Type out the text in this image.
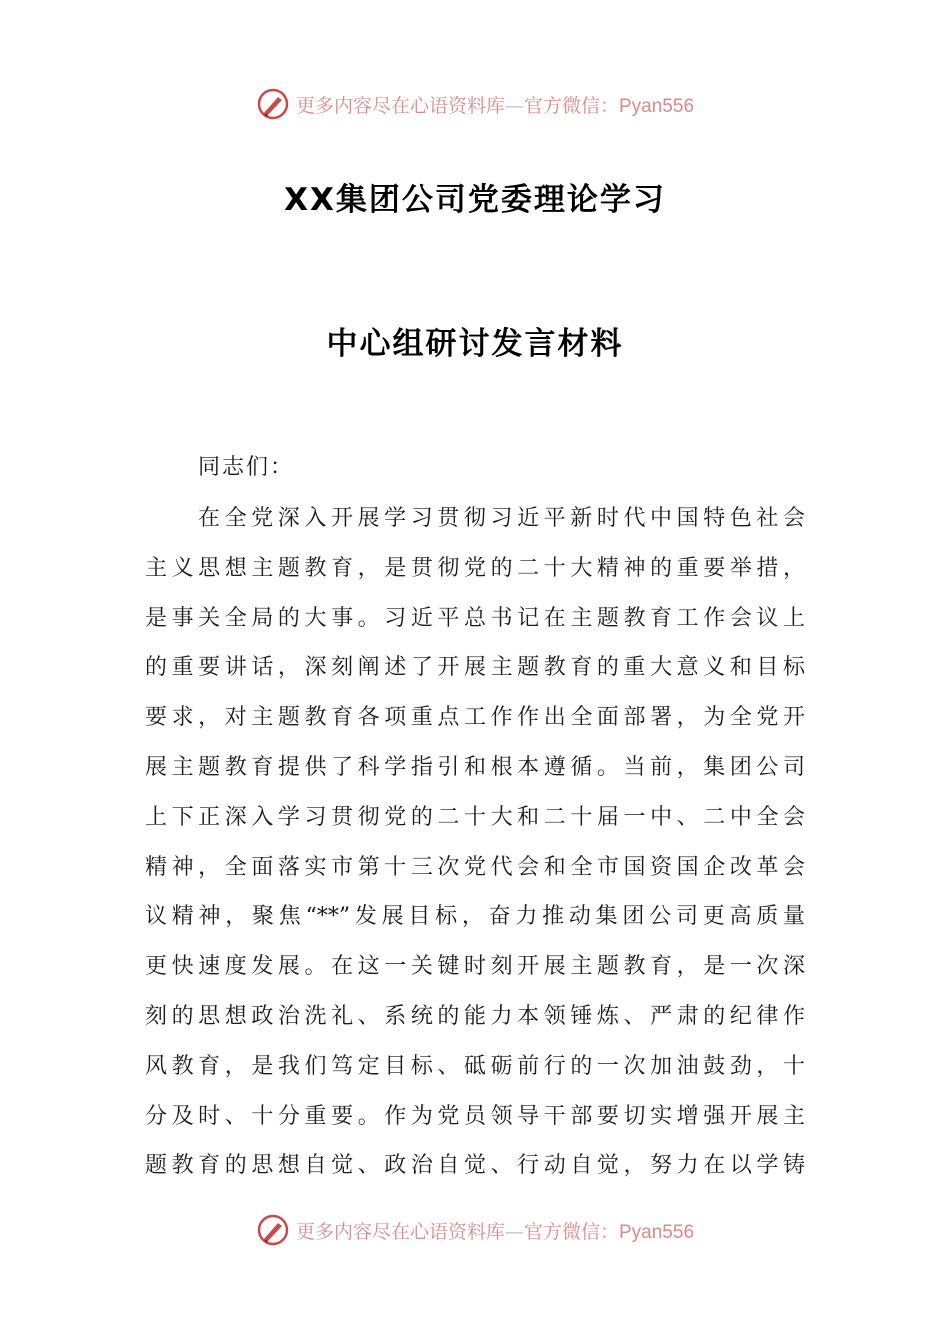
更多内容尽在心语资料库—官方微信：Pyan556
XX集团公司党委理论学习
中心组研讨发言材料
同志们：
在全党深入开展学习贯彻习近平新时代中国特色社会
主义思想主题教育，是贯彻党的二十大精神的重要举措，
是事关全局的大事。习近平总书记在主题教育工作会议上
的重要讲话，深刻阐述了开展主题教育的重大意义和目标
要求，对主题教育各项重点工作作出全面部署，为全党开
展主题教育提供了科学指引和根本遵循。当前，集团公司
上下正深入学习贯彻党的二十大和二十届一中、二中全会
精神，全面落实市第十三次党代会和全市国资国企改革会
议精神，聚焦“**”发展目标，奋力推动集团公司更高质量
更快速度发展。在这一关键时刻开展主题教育，是一次深
刻的思想政治洗礼、系统的能力本领锤炼、严肃的纪律作
风教育，是我们笃定目标、砥砺前行的一次加油鼓劲，十
分及时、十分重要。作为党员领导干部要切实增强开展主
题教育的思想自觉、政治自觉、行动自觉，努力在以学铸
更多内容尽在心语资料库—官方微信：Pyan556
